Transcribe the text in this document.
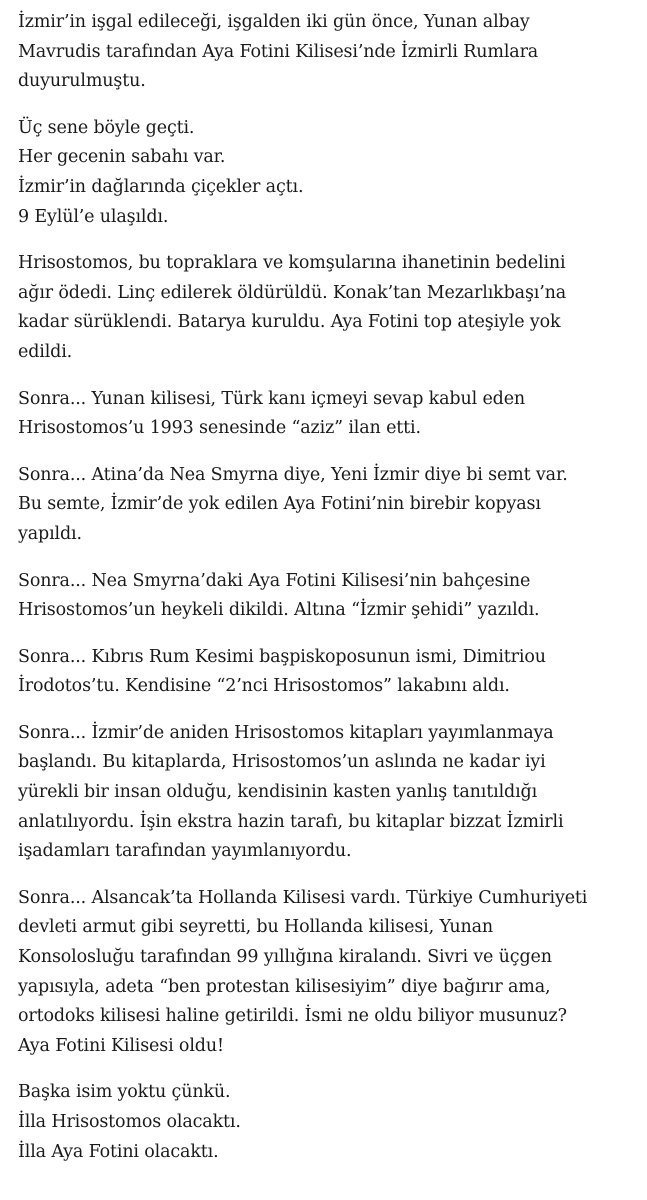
İzmir’in işgal edileceği, işgalden iki gün önce, Yunan albay
Mavrudis tarafından Aya Fotini Kilisesi’nde İzmirli Rumlara
duyurulmuştu.

Üç sene böyle geçti.
Her gecenin sabahı var.
İzmir’in dağlarında çiçekler açtı.
9 Eylül’e ulaşıldı.

Hrisostomos, bu topraklara ve komşularına ihanetinin bedelini
ağır ödedi. Linç edilerek öldürüldü. Konak’tan Mezarlıkbaşı’na
kadar sürüklendi. Batarya kuruldu. Aya Fotini top ateşiyle yok
edildi.

Sonra... Yunan kilisesi, Türk kanı içmeyi sevap kabul eden
Hrisostomos’u 1993 senesinde “aziz” ilan etti.

Sonra... Atina’da Nea Smyrna diye, Yeni İzmir diye bi semt var.
Bu semte, İzmir’de yok edilen Aya Fotini’nin birebir kopyası
yapıldı.

Sonra... Nea Smyrna’daki Aya Fotini Kilisesi’nin bahçesine
Hrisostomos’un heykeli dikildi. Altına “İzmir şehidi” yazıldı.

Sonra... Kıbrıs Rum Kesimi başpiskoposunun ismi, Dimitriou
İrodotos’tu. Kendisine “2’nci Hrisostomos” lakabını aldı.

Sonra... İzmir’de aniden Hrisostomos kitapları yayımlanmaya
başlandı. Bu kitaplarda, Hrisostomos’un aslında ne kadar iyi
yürekli bir insan olduğu, kendisinin kasten yanlış tanıtıldığı
anlatılıyordu. İşin ekstra hazin tarafı, bu kitaplar bizzat İzmirli
işadamları tarafından yayımlanıyordu.

Sonra... Alsancak’ta Hollanda Kilisesi vardı. Türkiye Cumhuriyeti
devleti armut gibi seyretti, bu Hollanda kilisesi, Yunan
Konsolosluğu tarafından 99 yıllığına kiralandı. Sivri ve üçgen
yapısıyla, adeta “ben protestan kilisesiyim” diye bağırır ama,
ortodoks kilisesi haline getirildi. İsmi ne oldu biliyor musunuz?
Aya Fotini Kilisesi oldu!

Başka isim yoktu çünkü.
İlla Hrisostomos olacaktı.
İlla Aya Fotini olacaktı.
